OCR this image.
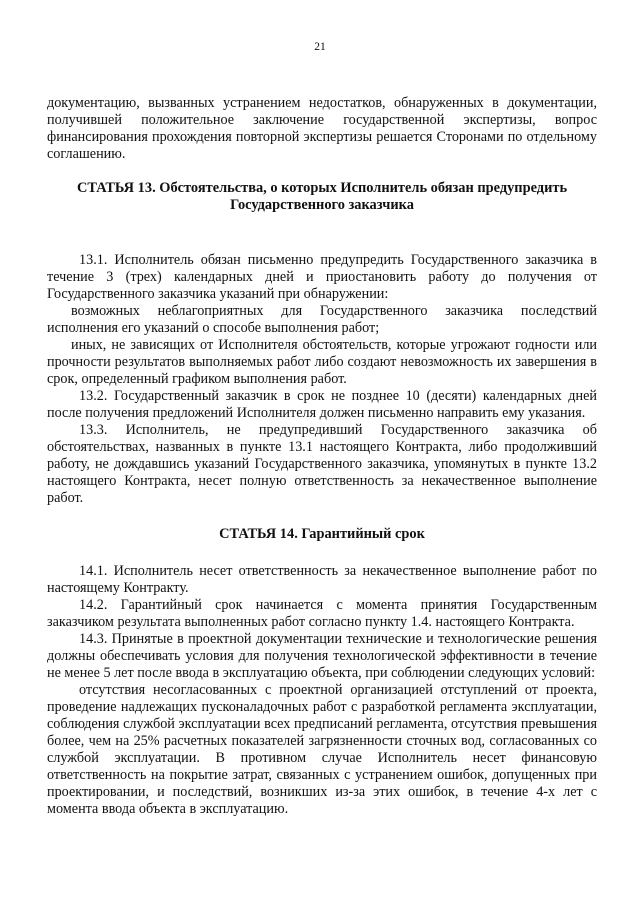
21

документацию, вызванных устранением недостатков, обнаруженных в документации, получившей положительное заключение государственной экспертизы, вопрос финансирования прохождения повторной экспертизы решается Сторонами по отдельному соглашению.

СТАТЬЯ 13. Обстоятельства, о которых Исполнитель обязан предупредить Государственного заказчика

13.1. Исполнитель обязан письменно предупредить Государственного заказчика в течение 3 (трех) календарных дней и приостановить работу до получения от Государственного заказчика указаний при обнаружении:

возможных неблагоприятных для Государственного заказчика последствий исполнения его указаний о способе выполнения работ;

иных, не зависящих от Исполнителя обстоятельств, которые угрожают годности или прочности результатов выполняемых работ либо создают невозможность их завершения в срок, определенный графиком выполнения работ.

13.2. Государственный заказчик в срок не позднее 10 (десяти) календарных дней после получения предложений Исполнителя должен письменно направить ему указания.

13.3. Исполнитель, не предупредивший Государственного заказчика об обстоятельствах, названных в пункте 13.1 настоящего Контракта, либо продолживший работу, не дождавшись указаний Государственного заказчика, упомянутых в пункте 13.2 настоящего Контракта, несет полную ответственность за некачественное выполнение работ.

СТАТЬЯ 14. Гарантийный срок

14.1. Исполнитель несет ответственность за некачественное выполнение работ по настоящему Контракту.

14.2. Гарантийный срок начинается с момента принятия Государственным заказчиком результата выполненных работ согласно пункту 1.4. настоящего Контракта.

14.3. Принятые в проектной документации технические и технологические решения должны обеспечивать условия для получения технологической эффективности в течение не менее 5 лет после ввода в эксплуатацию объекта, при соблюдении следующих условий:

отсутствия несогласованных с проектной организацией отступлений от проекта, проведение надлежащих пусконаладочных работ с разработкой регламента эксплуатации, соблюдения службой эксплуатации всех предписаний регламента, отсутствия превышения более, чем на 25% расчетных показателей загрязненности сточных вод, согласованных со службой эксплуатации. В противном случае Исполнитель несет финансовую ответственность на покрытие затрат, связанных с устранением ошибок, допущенных при проектировании, и последствий, возникших из-за этих ошибок, в течение 4-х лет с момента ввода объекта в эксплуатацию.
